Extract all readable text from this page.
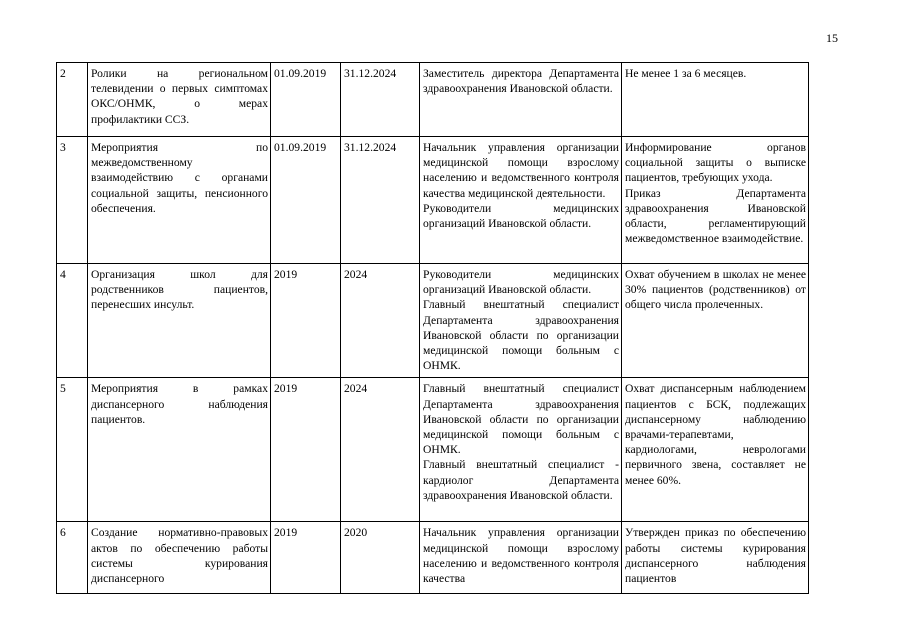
15
2	Ролики на региональном телевидении о первых симптомах ОКС/ОНМК, о мерах профилактики ССЗ.	01.09.2019	31.12.2024	Заместитель директора Департамента здравоохранения Ивановской области.	Не менее 1 за 6 месяцев.

3	Мероприятия по межведомственному взаимодействию с органами социальной защиты, пенсионного обеспечения.	01.09.2019	31.12.2024	Начальник управления организации медицинской помощи взрослому населению и ведомственного контроля качества медицинской деятельности.
Руководители медицинских организаций Ивановской области.	Информирование органов социальной защиты о выписке пациентов, требующих ухода.
Приказ Департамента здравоохранения Ивановской области, регламентирующий межведомственное взаимодействие.

4	Организация школ для родственников пациентов, перенесших инсульт.	2019	2024	Руководители медицинских организаций Ивановской области.
Главный внештатный специалист Департамента здравоохранения Ивановской области по организации медицинской помощи больным с ОНМК.	Охват обучением в школах не менее 30% пациентов (родственников) от общего числа пролеченных.

5	Мероприятия в рамках диспансерного наблюдения пациентов.	2019	2024	Главный внештатный специалист Департамента здравоохранения Ивановской области по организации медицинской помощи больным с ОНМК.
Главный внештатный специалист - кардиолог Департамента здравоохранения Ивановской области.	Охват диспансерным наблюдением пациентов с БСК, подлежащих диспансерному наблюдению врачами-терапевтами, кардиологами, неврологами первичного звена, составляет не менее 60%.

6	Создание нормативно-правовых актов по обеспечению работы системы курирования диспансерного	2019	2020	Начальник управления организации медицинской помощи взрослому населению и ведомственного контроля качества	Утвержден приказ по обеспечению работы системы курирования диспансерного наблюдения пациентов
